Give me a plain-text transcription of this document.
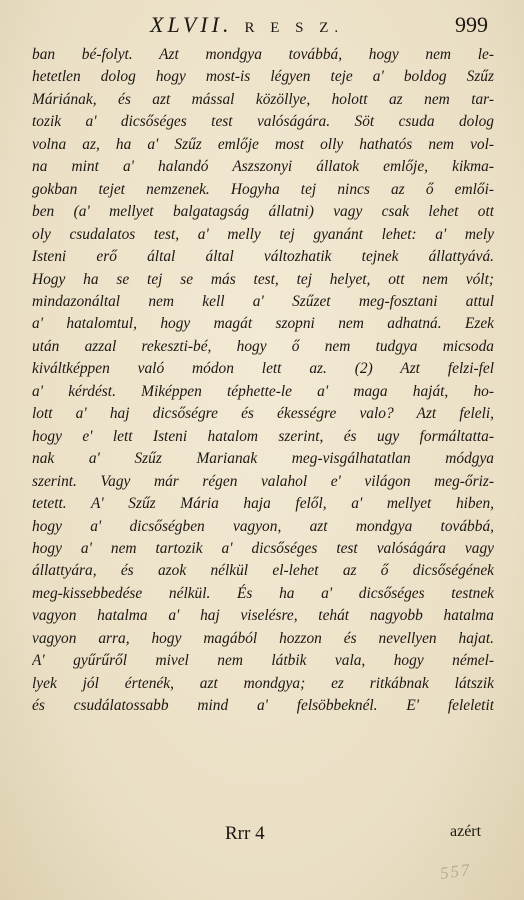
XLVII. R E S Z.	999
ban bé-folyt. Azt mondgya továbbá, hogy nem le-
hetetlen dolog hogy most-is légyen teje a' boldog Szűz
Máriának, és azt mással közöllye, holott az nem tar-
tozik a' dicsőséges test valóságára. Söt csuda dolog
volna az, ha a' Szűz emlője most olly hathatós nem vol-
na mint a' halandó Aszszonyi állatok emlője, kikma-
gokban tejet nemzenek. Hogyha tej nincs az ő emlői-
ben (a' mellyet balgatagság állatni) vagy csak lehet ott
oly csudalatos test, a' melly tej gyanánt lehet: a' mely
Isteni erő által által változhatik tejnek állattyává.
Hogy ha se tej se más test, tej helyet, ott nem vólt;
mindazonáltal nem kell a' Szűzet meg-fosztani attul
a' hatalomtul, hogy magát szopni nem adhatná. Ezek
után azzal rekeszti-bé, hogy ő nem tudgya micsoda
kiváltképpen való módon lett az. (2) Azt felzi-fel
a' kérdést. Miképpen téphette-le a' maga haját, ho-
lott a' haj dicsőségre és ékességre valo? Azt feleli,
hogy e' lett Isteni hatalom szerint, és ugy formáltatta-
nak a' Szűz Marianak meg-visgálhatatlan módgya
szerint. Vagy már régen valahol e' világon meg-őriz-
tetett. A' Szűz Mária haja felől, a' mellyet hiben,
hogy a' dicsőségben vagyon, azt mondgya továbbá,
hogy a' nem tartozik a' dicsőséges test valóságára vagy
állattyára, és azok nélkül el-lehet az ő dicsőségének
meg-kissebbedése nélkül. És ha a' dicsőséges testnek
vagyon hatalma a' haj viselésre, tehát nagyobb hatalma
vagyon arra, hogy magából hozzon és nevellyen hajat.
A' gyűrűről mivel nem látbik vala, hogy némel-
lyek jól értenék, azt mondgya; ez ritkábnak látszik
és csudálatossabb mind a' felsöbbeknél. E' feleletit
Rrr 4	azért
557
